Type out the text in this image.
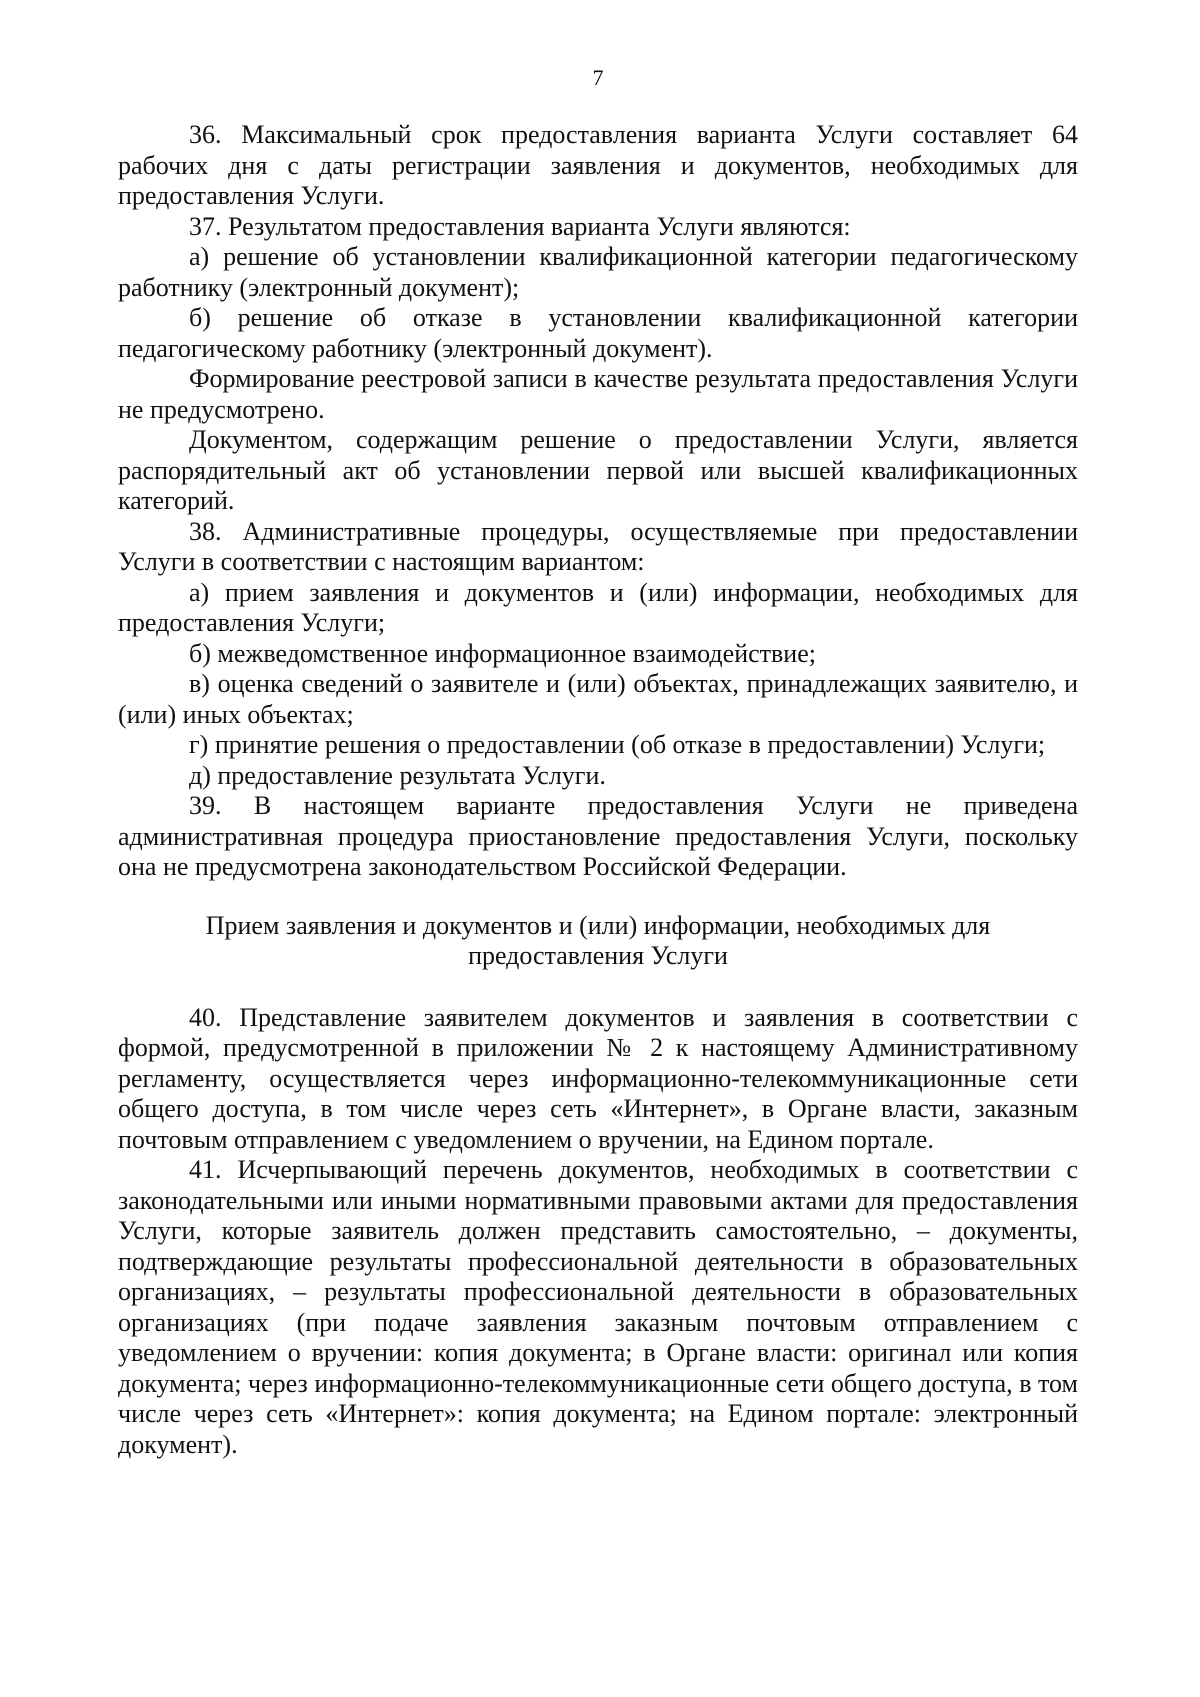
7

36. Максимальный срок предоставления варианта Услуги составляет 64 рабочих дня с даты регистрации заявления и документов, необходимых для предоставления Услуги.

37. Результатом предоставления варианта Услуги являются:

а) решение об установлении квалификационной категории педагогическому работнику (электронный документ);

б) решение об отказе в установлении квалификационной категории педагогическому работнику (электронный документ).

Формирование реестровой записи в качестве результата предоставления Услуги не предусмотрено.

Документом, содержащим решение о предоставлении Услуги, является распорядительный акт об установлении первой или высшей квалификационных категорий.

38. Административные процедуры, осуществляемые при предоставлении Услуги в соответствии с настоящим вариантом:

а) прием заявления и документов и (или) информации, необходимых для предоставления Услуги;

б) межведомственное информационное взаимодействие;

в) оценка сведений о заявителе и (или) объектах, принадлежащих заявителю, и (или) иных объектах;

г) принятие решения о предоставлении (об отказе в предоставлении) Услуги;

д) предоставление результата Услуги.

39. В настоящем варианте предоставления Услуги не приведена административная процедура приостановление предоставления Услуги, поскольку она не предусмотрена законодательством Российской Федерации.

Прием заявления и документов и (или) информации, необходимых для предоставления Услуги

40. Представление заявителем документов и заявления в соответствии с формой, предусмотренной в приложении № 2 к настоящему Административному регламенту, осуществляется через информационно-телекоммуникационные сети общего доступа, в том числе через сеть «Интернет», в Органе власти, заказным почтовым отправлением с уведомлением о вручении, на Едином портале.

41. Исчерпывающий перечень документов, необходимых в соответствии с законодательными или иными нормативными правовыми актами для предоставления Услуги, которые заявитель должен представить самостоятельно, – документы, подтверждающие результаты профессиональной деятельности в образовательных организациях, – результаты профессиональной деятельности в образовательных организациях (при подаче заявления заказным почтовым отправлением с уведомлением о вручении: копия документа; в Органе власти: оригинал или копия документа; через информационно-телекоммуникационные сети общего доступа, в том числе через сеть «Интернет»: копия документа; на Едином портале: электронный документ).
